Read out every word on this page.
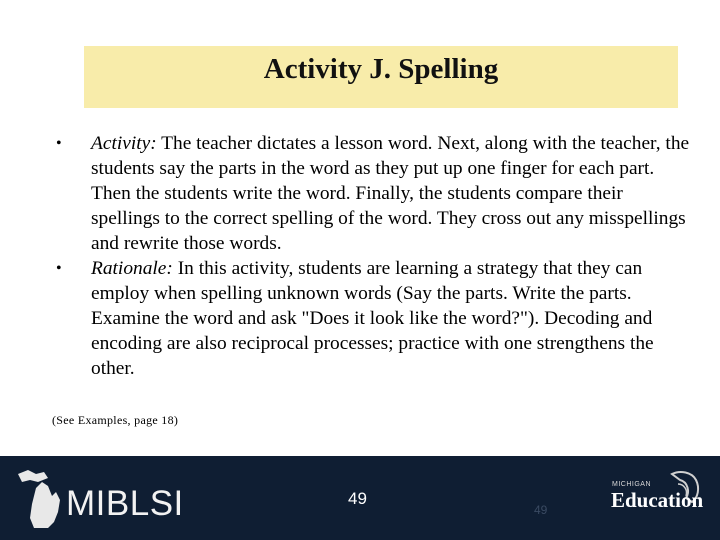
Activity J. Spelling
• Activity: The teacher dictates a lesson word. Next, along with the teacher, the students say the parts in the word as they put up one finger for each part. Then the students write the word. Finally, the students compare their spellings to the correct spelling of the word. They cross out any misspellings and rewrite those words.
• Rationale: In this activity, students are learning a strategy that they can employ when spelling unknown words (Say the parts. Write the parts. Examine the word and ask "Does it look like the word?"). Decoding and encoding are also reciprocal processes; practice with one strengthens the other.
(See Examples, page 18)
MIBLSI	49
49
MICHIGAN
Education
